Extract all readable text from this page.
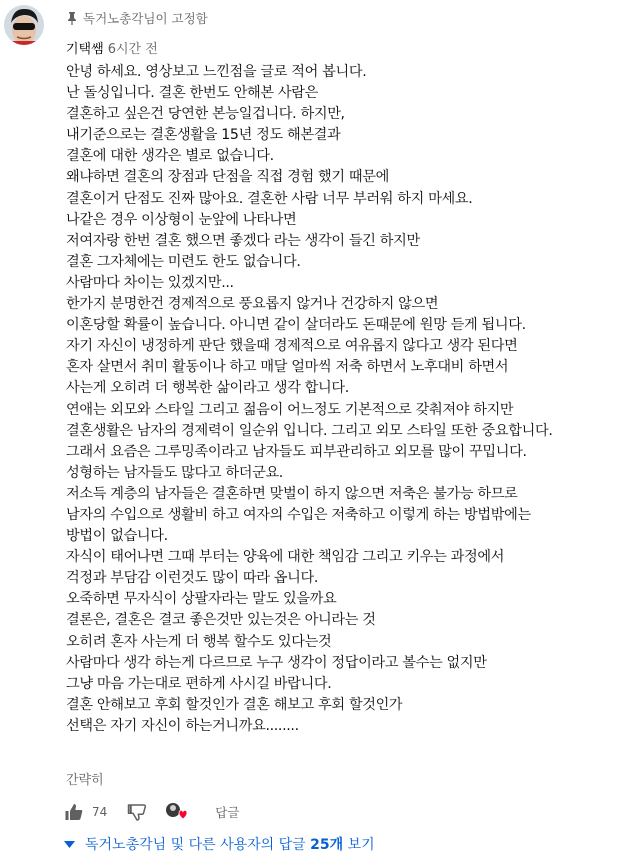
독거노총각님이 고정함
기택쌤 6시간 전
안녕 하세요. 영상보고 느낀점을 글로 적어 봅니다.
난 돌싱입니다. 결혼 한번도 안해본 사람은
결혼하고 싶은건 당연한 본능일겁니다. 하지만,
내기준으로는 결혼생활을 15년 정도 해본결과
결혼에 대한 생각은 별로 없습니다.
왜냐하면 결혼의 장점과 단점을 직접 경험 했기 때문에
결혼이거 단점도 진짜 많아요. 결혼한 사람 너무 부러워 하지 마세요.
나같은 경우 이상형이 눈앞에 나타나면
저여자랑 한번 결혼 했으면 좋겠다 라는 생각이 들긴 하지만
결혼 그자체에는 미련도 한도 없습니다.
사람마다 차이는 있겠지만...
한가지 분명한건 경제적으로 풍요롭지 않거나 건강하지 않으면
이혼당할 확률이 높습니다. 아니면 같이 살더라도 돈때문에 원망 듣게 됩니다.
자기 자신이 냉정하게 판단 했을때 경제적으로 여유롭지 않다고 생각 된다면
혼자 살면서 취미 활동이나 하고 매달 얼마씩 저축 하면서 노후대비 하면서
사는게 오히려 더 행복한 삶이라고 생각 합니다.
연애는 외모와 스타일 그리고 젊음이 어느정도 기본적으로 갖춰져야 하지만
결혼생활은 남자의 경제력이 일순위 입니다. 그리고 외모 스타일 또한 중요합니다.
그래서 요즘은 그루밍족이라고 남자들도 피부관리하고 외모를 많이 꾸밉니다.
성형하는 남자들도 많다고 하더군요.
저소득 계층의 남자들은 결혼하면 맞벌이 하지 않으면 저축은 불가능 하므로
남자의 수입으로 생활비 하고 여자의 수입은 저축하고 이렇게 하는 방법밖에는
방법이 없습니다.
자식이 태어나면 그때 부터는 양육에 대한 책임감 그리고 키우는 과정에서
걱정과 부담감 이런것도 많이 따라 옵니다.
오죽하면 무자식이 상팔자라는 말도 있을까요
결론은, 결혼은 결코 좋은것만 있는것은 아니라는 것
오히려 혼자 사는게 더 행복 할수도 있다는것
사람마다 생각 하는게 다르므로 누구 생각이 정답이라고 볼수는 없지만
그냥 마음 가는대로 편하게 사시길 바랍니다.
결혼 안해보고 후회 할것인가 결혼 해보고 후회 할것인가
선택은 자기 자신이 하는거니까요........
간략히
74	답글
독거노총각님 및 다른 사용자의 답글 25개 보기
